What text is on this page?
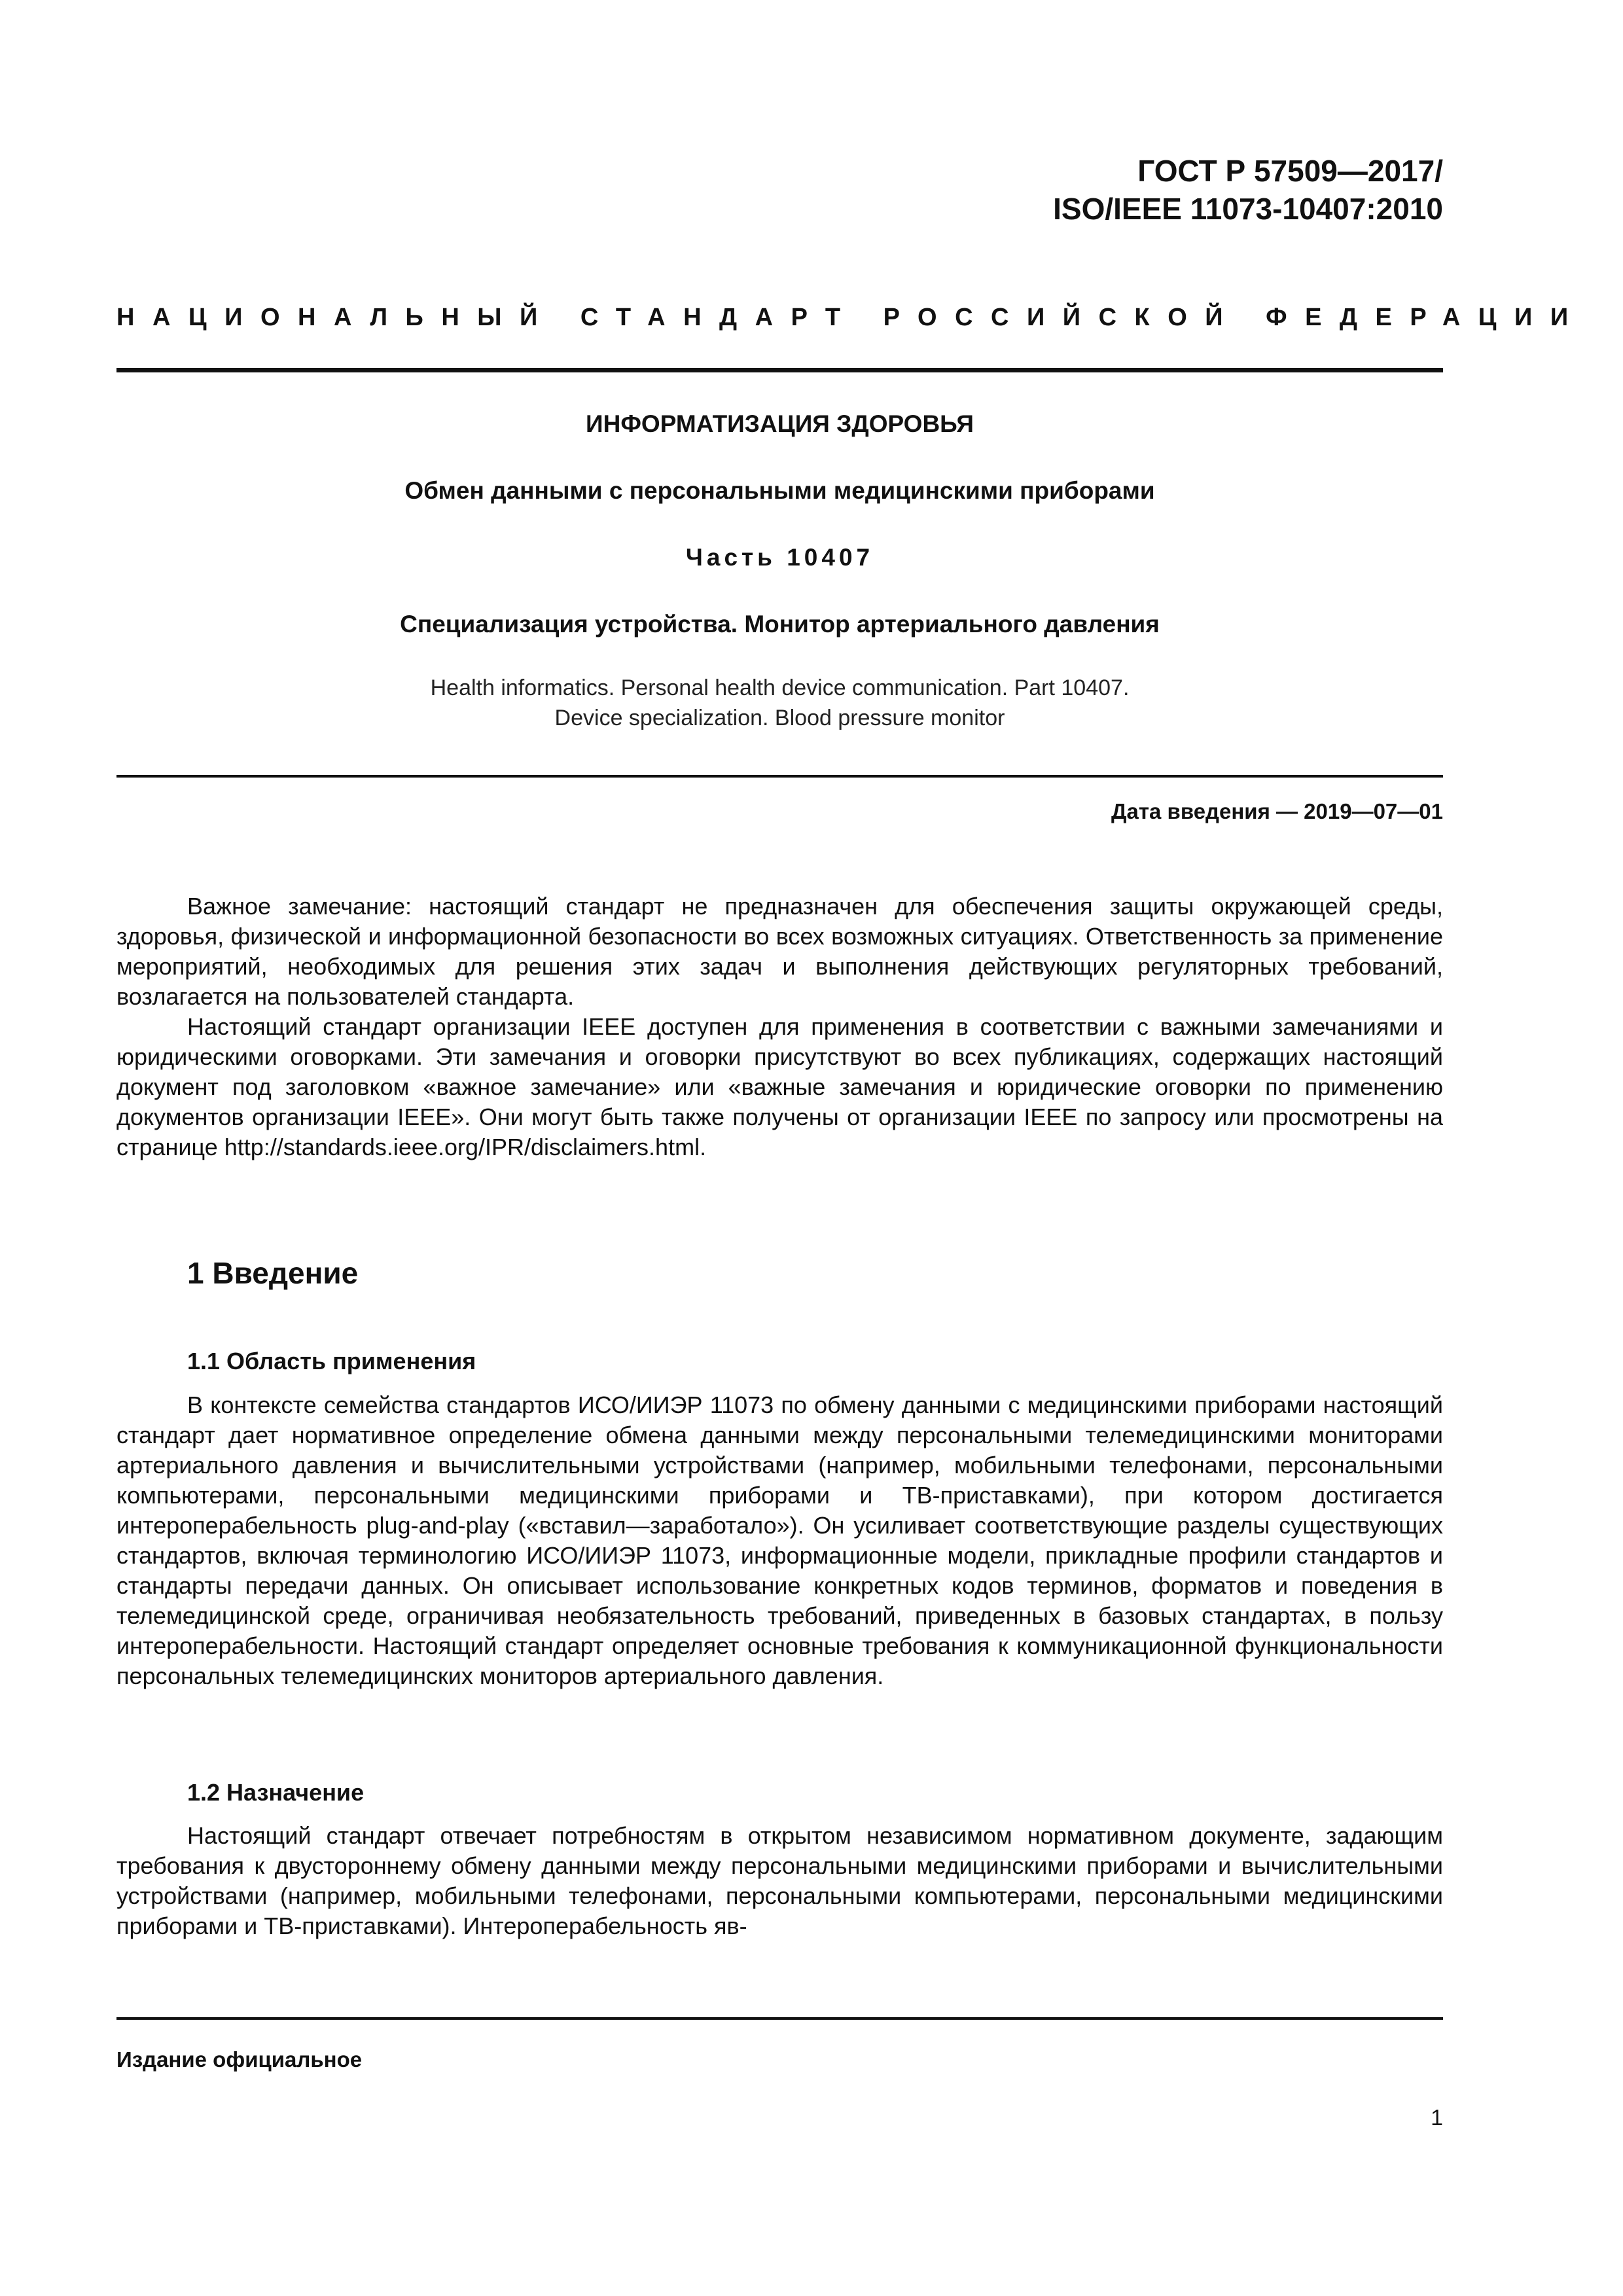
ГОСТ Р 57509—2017/
ISO/IEEE 11073-10407:2010
НАЦИОНАЛЬНЫЙ СТАНДАРТ РОССИЙСКОЙ ФЕДЕРАЦИИ
ИНФОРМАТИЗАЦИЯ ЗДОРОВЬЯ
Обмен данными с персональными медицинскими приборами
Часть 10407
Специализация устройства. Монитор артериального давления
Health informatics. Personal health device communication. Part 10407.
Device specialization. Blood pressure monitor
Дата введения — 2019—07—01

Важное замечание: настоящий стандарт не предназначен для обеспечения защиты окружающей среды, здоровья, физической и информационной безопасности во всех возможных ситуациях. Ответственность за применение мероприятий, необходимых для решения этих задач и выполнения действующих регуляторных требований, возлагается на пользователей стандарта.

Настоящий стандарт организации IEEE доступен для применения в соответствии с важными замечаниями и юридическими оговорками. Эти замечания и оговорки присутствуют во всех публикациях, содержащих настоящий документ под заголовком «важное замечание» или «важные замечания и юридические оговорки по применению документов организации IEEE». Они могут быть также получены от организации IEEE по запросу или просмотрены на странице http://standards.ieee.org/IPR/disclaimers.html.

1 Введение
1.1 Область применения

В контексте семейства стандартов ИСО/ИИЭР 11073 по обмену данными с медицинскими приборами настоящий стандарт дает нормативное определение обмена данными между персональными телемедицинскими мониторами артериального давления и вычислительными устройствами (например, мобильными телефонами, персональными компьютерами, персональными медицинскими приборами и ТВ-приставками), при котором достигается интероперабельность plug-and-play («вставил—заработало»). Он усиливает соответствующие разделы существующих стандартов, включая терминологию ИСО/ИИЭР 11073, информационные модели, прикладные профили стандартов и стандарты передачи данных. Он описывает использование конкретных кодов терминов, форматов и поведения в телемедицинской среде, ограничивая необязательность требований, приведенных в базовых стандартах, в пользу интероперабельности. Настоящий стандарт определяет основные требования к коммуникационной функциональности персональных телемедицинских мониторов артериального давления.

1.2 Назначение

Настоящий стандарт отвечает потребностям в открытом независимом нормативном документе, задающим требования к двустороннему обмену данными между персональными медицинскими приборами и вычислительными устройствами (например, мобильными телефонами, персональными компьютерами, персональными медицинскими приборами и ТВ-приставками). Интероперабельность яв-

Издание официальное
1
